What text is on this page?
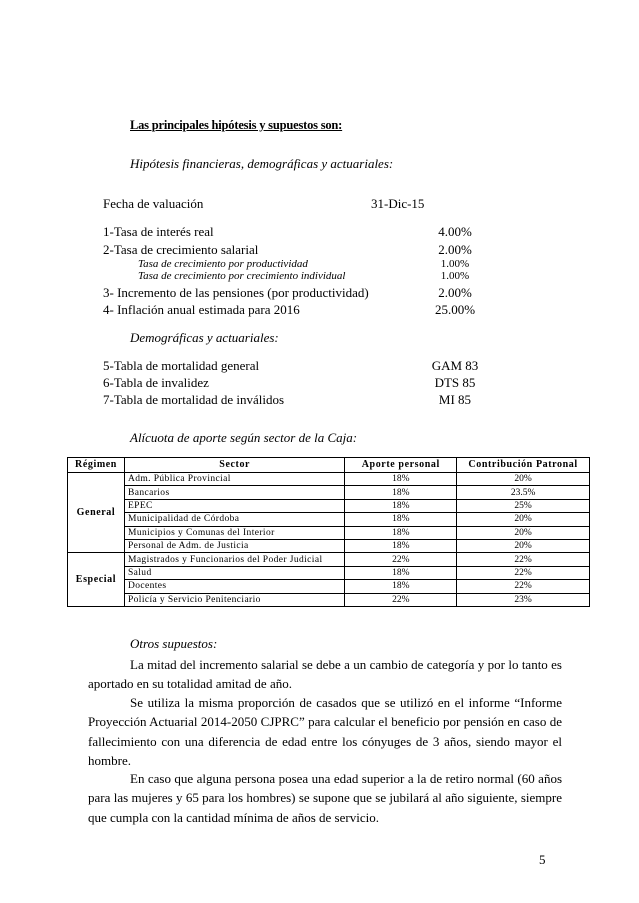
Las principales hipótesis y supuestos son:
Hipótesis financieras, demográficas y actuariales:
Fecha de valuación	31-Dic-15
1-Tasa de interés real	4.00%
2-Tasa de crecimiento salarial	2.00%
Tasa de crecimiento por productividad	1.00%
Tasa de crecimiento por crecimiento individual	1.00%
3- Incremento de las pensiones (por productividad)	2.00%
4- Inflación anual estimada para 2016	25.00%
Demográficas y actuariales:
5-Tabla de mortalidad general	GAM 83
6-Tabla de invalidez	DTS 85
7-Tabla de mortalidad de inválidos	MI 85
Alícuota de aporte según sector de la Caja:
Régimen	Sector	Aporte personal	Contribución Patronal
General	Adm. Pública Provincial	18%	20%
	Bancarios	18%	23.5%
	EPEC	18%	25%
	Municipalidad de Córdoba	18%	20%
	Municipios y Comunas del Interior	18%	20%
	Personal de Adm. de Justicia	18%	20%
Especial	Magistrados y Funcionarios del Poder Judicial	22%	22%
	Salud	18%	22%
	Docentes	18%	22%
	Policía y Servicio Penitenciario	22%	23%
Otros supuestos:
La mitad del incremento salarial se debe a un cambio de categoría y por lo tanto es aportado en su totalidad amitad de año.
Se utiliza la misma proporción de casados que se utilizó en el informe “Informe Proyección Actuarial 2014-2050 CJPRC” para calcular el beneficio por pensión en caso de fallecimiento con una diferencia de edad entre los cónyuges de 3 años, siendo mayor el hombre.
En caso que alguna persona posea una edad superior a la de retiro normal (60 años para las mujeres y 65 para los hombres) se supone que se jubilará al año siguiente, siempre que cumpla con la cantidad mínima de años de servicio.
5
